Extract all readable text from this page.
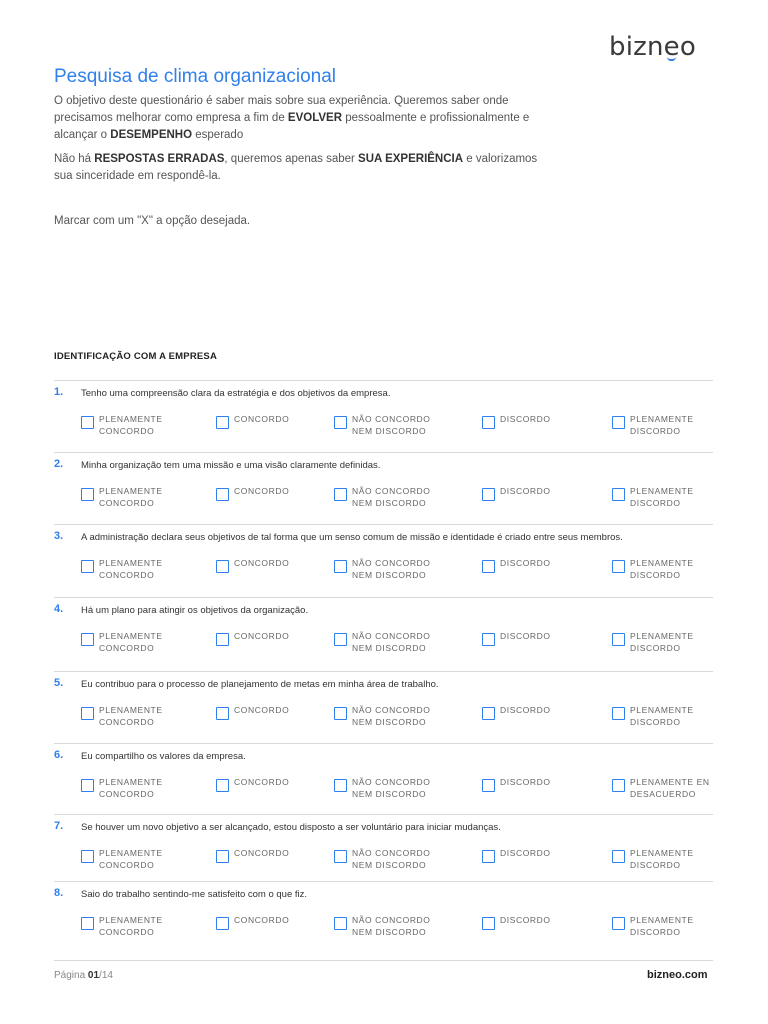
bizneo
Pesquisa de clima organizacional

O objetivo deste questionário é saber mais sobre sua experiência. Queremos saber onde precisamos melhorar como empresa a fim de EVOLVER pessoalmente e profissionalmente e alcançar o DESEMPENHO esperado

Não há RESPOSTAS ERRADAS, queremos apenas saber SUA EXPERIÊNCIA e valorizamos sua sinceridade em respondê-la.

Marcar com um "X" a opção desejada.

IDENTIFICAÇÃO COM A EMPRESA
1. Tenho uma compreensão clara da estratégia e dos objetivos da empresa.
PLENAMENTE CONCORDO
CONCORDO	NÃO CONCORDO NEM DISCORDO
DISCORDO	PLENAMENTE DISCORDO
2. Minha organização tem uma missão e uma visão claramente definidas.
PLENAMENTE CONCORDO
CONCORDO	NÃO CONCORDO NEM DISCORDO
DISCORDO	PLENAMENTE DISCORDO
3. A administração declara seus objetivos de tal forma que um senso comum de missão e identidade é criado entre seus membros.
PLENAMENTE CONCORDO
CONCORDO	NÃO CONCORDO NEM DISCORDO
DISCORDO	PLENAMENTE DISCORDO
4. Há um plano para atingir os objetivos da organização.
PLENAMENTE CONCORDO
CONCORDO	NÃO CONCORDO NEM DISCORDO
DISCORDO	PLENAMENTE DISCORDO
5. Eu contribuo para o processo de planejamento de metas em minha área de trabalho.
PLENAMENTE CONCORDO
CONCORDO	NÃO CONCORDO NEM DISCORDO
DISCORDO	PLENAMENTE DISCORDO
6. Eu compartilho os valores da empresa.
PLENAMENTE CONCORDO
CONCORDO	NÃO CONCORDO NEM DISCORDO
DISCORDO	PLENAMENTE EN DESACUERDO
7. Se houver um novo objetivo a ser alcançado, estou disposto a ser voluntário para iniciar mudanças.
PLENAMENTE CONCORDO
CONCORDO	NÃO CONCORDO NEM DISCORDO
DISCORDO	PLENAMENTE DISCORDO
8. Saio do trabalho sentindo-me satisfeito com o que fiz.
PLENAMENTE CONCORDO
CONCORDO	NÃO CONCORDO NEM DISCORDO
DISCORDO	PLENAMENTE DISCORDO
Página 01/14	bizneo.com
